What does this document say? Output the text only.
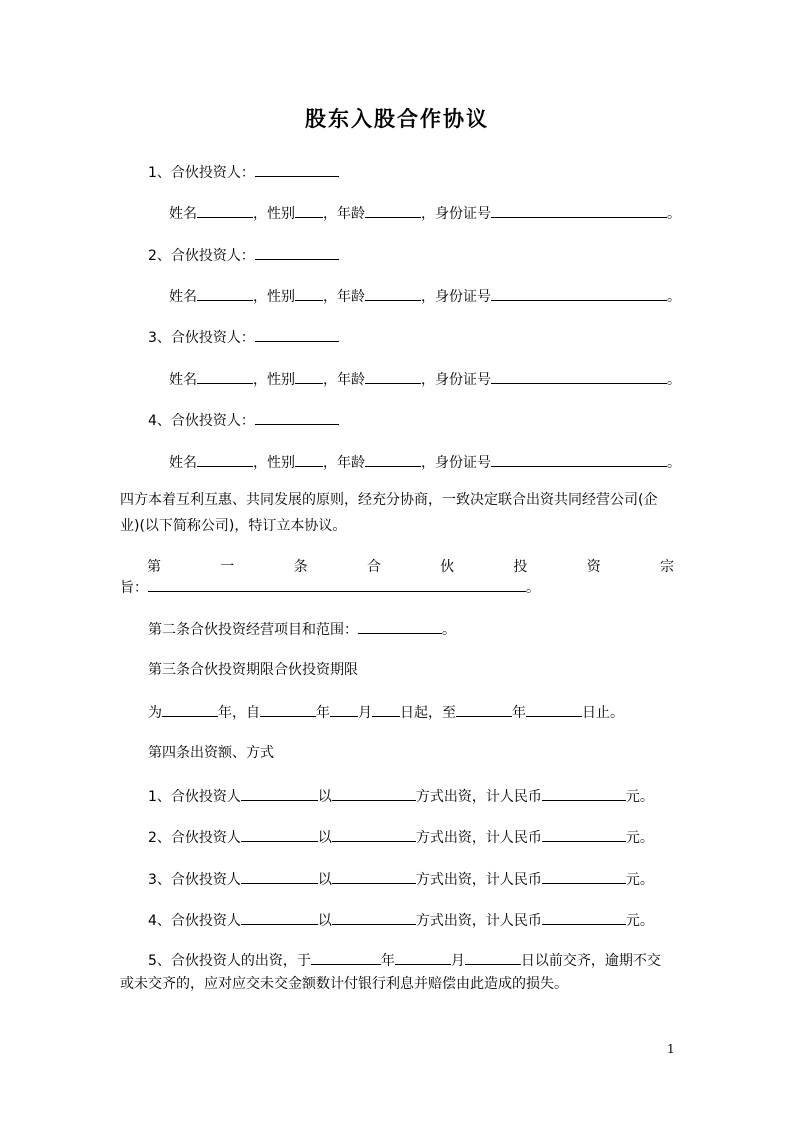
股东入股合作协议
1、合伙投资人：
姓名	，性别 ，年龄	，身份证号	。
2、合伙投资人：
姓名	，性别 ，年龄	，身份证号	。
3、合伙投资人：
姓名	，性别 ，年龄	，身份证号	。
4、合伙投资人：
姓名	，性别 ，年龄	，身份证号	。
四方本着互利互惠、共同发展的原则，经充分协商，一致决定联合出资共同经营公司(企业)(以下简称公司)，特订立本协议。
第	一	条	合	伙	投	资	宗
旨：	。
第二条合伙投资经营项目和范围：	。
第三条合伙投资期限合伙投资期限
为	年，自	年 月 日起，至	年	日止。
第四条出资额、方式
1、合伙投资人	以	方式出资，计人民币	元。
2、合伙投资人	以	方式出资，计人民币	元。
3、合伙投资人	以	方式出资，计人民币	元。
4、合伙投资人	以	方式出资，计人民币	元。
5、合伙投资人的出资，于	年	月	日以前交齐，逾期不交
或未交齐的，应对应交未交金额数计付银行利息并赔偿由此造成的损失。
1
